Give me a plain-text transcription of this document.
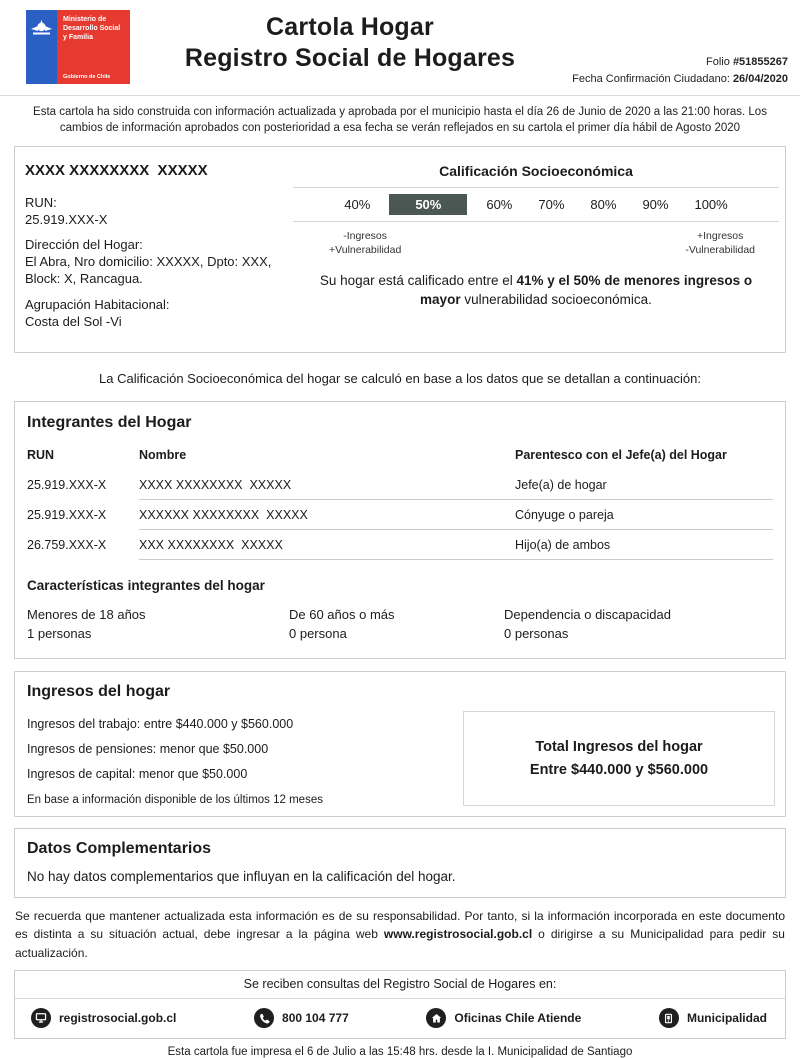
Ministerio de Desarrollo Social y Familia
Gobierno de Chile
Cartola Hogar
Registro Social de Hogares	Folio #51855267
Fecha Confirmación Ciudadano: 26/04/2020
Esta cartola ha sido construida con información actualizada y aprobada por el municipio hasta el día 26 de Junio de 2020 a las 21:00 horas. Los cambios de información aprobados con posterioridad a esa fecha se verán reflejados en su cartola el primer día hábil de Agosto 2020
XXXX XXXXXXXX  XXXXX
RUN:
25.919.XXX-X
Dirección del Hogar:
El Abra, Nro domicilio: XXXXX, Dpto: XXX,
Block: X, Rancagua.
Agrupación Habitacional:
Costa del Sol -Vi
Calificación Socioeconómica
40%	50%	60%	70%	80%	90%	100%
-Ingresos
+Vulnerabilidad
+Ingresos
-Vulnerabilidad
Su hogar está calificado entre el 41% y el 50% de menores ingresos o mayor vulnerabilidad socioeconómica.
La Calificación Socioeconómica del hogar se calculó en base a los datos que se detallan a continuación:
Integrantes del Hogar
RUN	Nombre	Parentesco con el Jefe(a) del Hogar
25.919.XXX-X	XXXX XXXXXXXX  XXXXX	Jefe(a) de hogar
25.919.XXX-X	XXXXXX XXXXXXXX  XXXXX	Cónyuge o pareja
26.759.XXX-X	XXX XXXXXXXX  XXXXX	Hijo(a) de ambos
Características integrantes del hogar
Menores de 18 años
1 personas
De 60 años o más
0 persona
Dependencia o discapacidad
0 personas
Ingresos del hogar
Ingresos del trabajo: entre $440.000 y $560.000
Ingresos de pensiones: menor que $50.000
Ingresos de capital: menor que $50.000
En base a información disponible de los últimos 12 meses
Total Ingresos del hogar
Entre $440.000 y $560.000
Datos Complementarios
No hay datos complementarios que influyan en la calificación del hogar.
Se recuerda que mantener actualizada esta información es de su responsabilidad. Por tanto, si la información incorporada en este documento es distinta a su situación actual, debe ingresar a la página web www.registrosocial.gob.cl o dirigirse a su Municipalidad para pedir su actualización.
Se reciben consultas del Registro Social de Hogares en:
registrosocial.gob.cl	800 104 777	Oficinas Chile Atiende	Municipalidad
Esta cartola fue impresa el 6 de Julio a las 15:48 hrs. desde la I. Municipalidad de Santiago
